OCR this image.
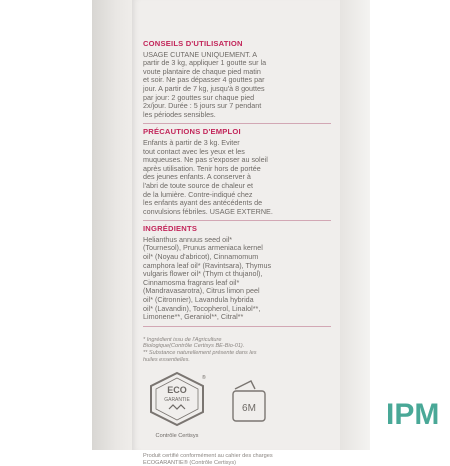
CONSEILS D'UTILISATION

USAGE CUTANE UNIQUEMENT. A

partir de 3 kg, appliquer 1 goutte sur la

voute plantaire de chaque pied matin

et soir. Ne pas dépasser 4 gouttes par

jour. A partir de 7 kg, jusqu'à 8 gouttes

par jour: 2 gouttes sur chaque pied

2x/jour. Durée : 5 jours sur 7 pendant

les périodes sensibles.

PRÉCAUTIONS D'EMPLOI

Enfants à partir de 3 kg. Eviter

tout contact avec les yeux et les

muqueuses. Ne pas s'exposer au soleil

après utilisation. Tenir hors de portée

des jeunes enfants. A conserver à

l'abri de toute source de chaleur et

de la lumière. Contre-indiqué chez

les enfants ayant des antécédents de

convulsions fébriles. USAGE EXTERNE.

INGRÉDIENTS

Helianthus annuus seed oil*

(Tournesol), Prunus armeniaca kernel

oil* (Noyau d'abricot), Cinnamomum

camphora leaf oil* (Ravintsara), Thymus

vulgaris flower oil* (Thym ct thujanol),

Cinnamosma fragrans leaf oil*

(Mandravasarotra), Citrus limon peel

oil* (Citronnier), Lavandula hybrida

oil* (Lavandin), Tocopherol, Linalol**,

Limonene**, Geraniol**, Citral**

* Ingrédient issu de l'Agriculture
Biologique(Contrôle Certisys BE-Bio-01).
** Substance naturellement présente dans les
huiles essentielles.
ECO
GARANTIE
®
Contrôle Certisys
6M
Produit certifié conformément au cahier des charges
ECOGARANTIE® (Contrôle Certisys)
IPM
